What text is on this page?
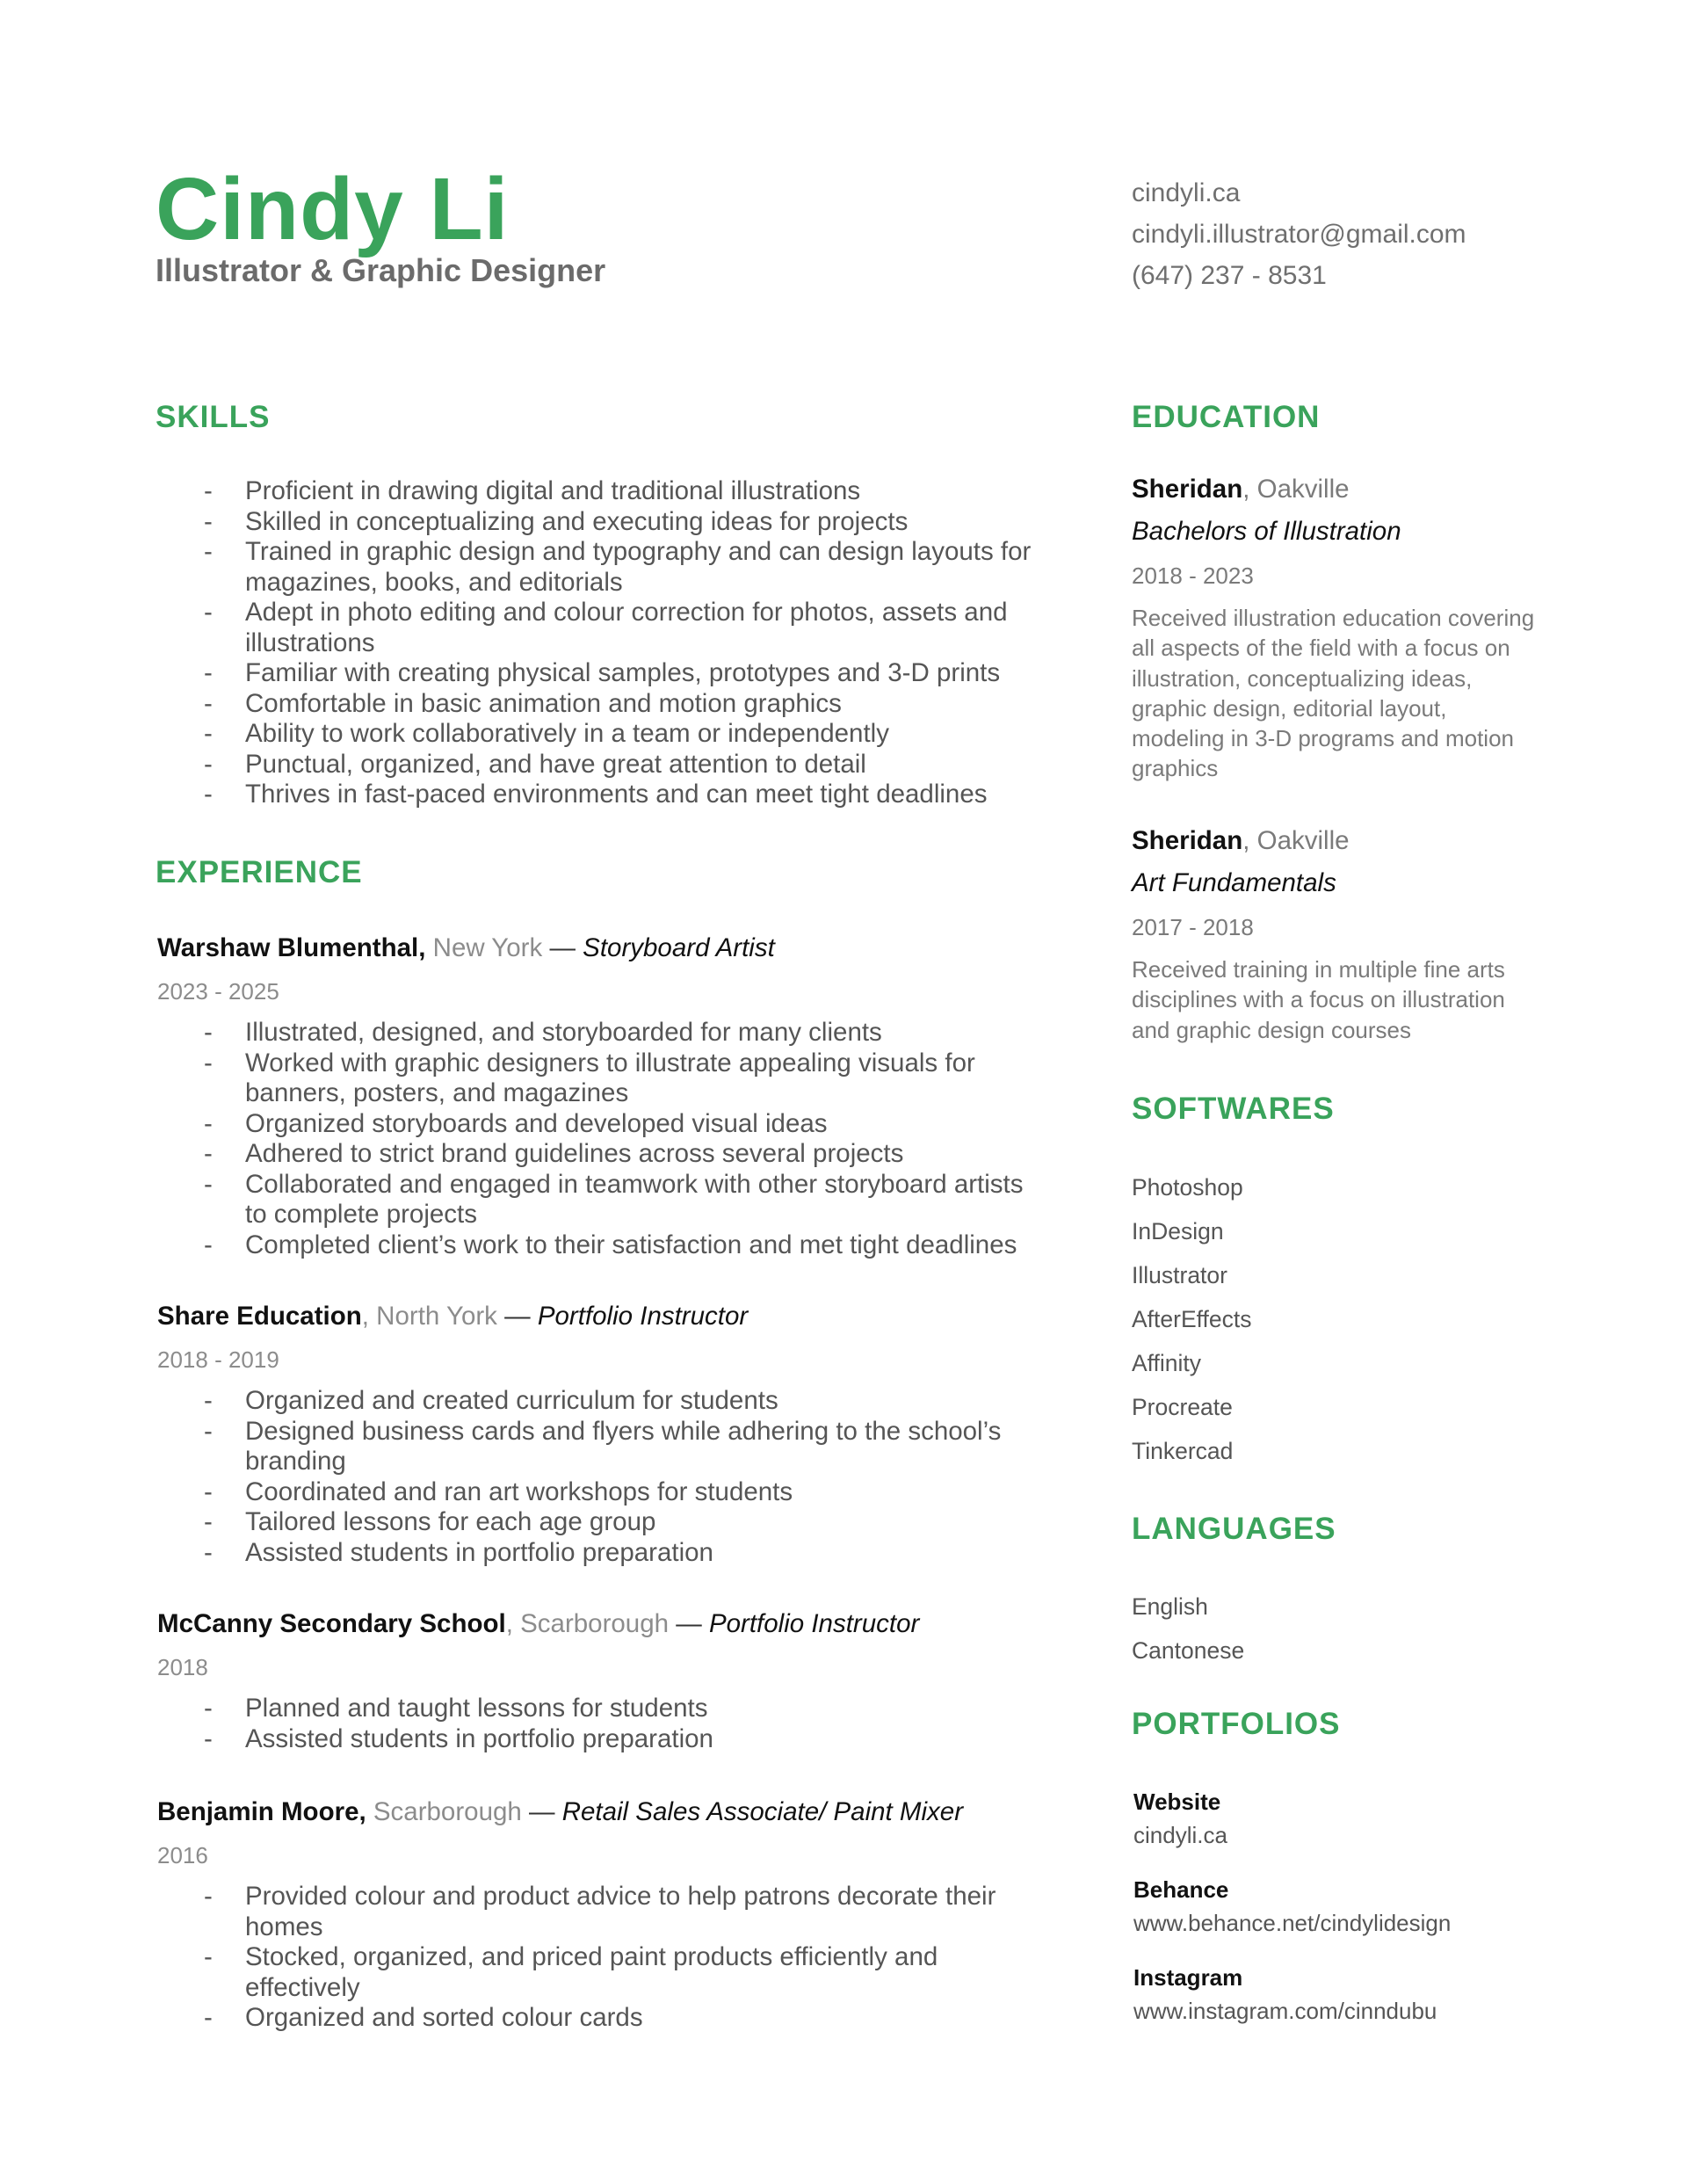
Cindy Li
Illustrator & Graphic Designer
SKILLS
- Proficient in drawing digital and traditional illustrations
- Skilled in conceptualizing and executing ideas for projects
- Trained in graphic design and typography and can design layouts for magazines, books, and editorials
- Adept in photo editing and colour correction for photos, assets and illustrations
- Familiar with creating physical samples, prototypes and 3-D prints
- Comfortable in basic animation and motion graphics
- Ability to work collaboratively in a team or independently
- Punctual, organized, and have great attention to detail
- Thrives in fast-paced environments and can meet tight deadlines
EXPERIENCE
Warshaw Blumenthal, New York — Storyboard Artist
2023 - 2025
- Illustrated, designed, and storyboarded for many clients
- Worked with graphic designers to illustrate appealing visuals for banners, posters, and magazines
- Organized storyboards and developed visual ideas
- Adhered to strict brand guidelines across several projects
- Collaborated and engaged in teamwork with other storyboard artists to complete projects
- Completed client’s work to their satisfaction and met tight deadlines
Share Education, North York — Portfolio Instructor
2018 - 2019
- Organized and created curriculum for students
- Designed business cards and flyers while adhering to the school’s branding
- Coordinated and ran art workshops for students
- Tailored lessons for each age group
- Assisted students in portfolio preparation
McCanny Secondary School, Scarborough — Portfolio Instructor
2018
- Planned and taught lessons for students
- Assisted students in portfolio preparation
Benjamin Moore, Scarborough — Retail Sales Associate/ Paint Mixer
2016
- Provided colour and product advice to help patrons decorate their homes
- Stocked, organized, and priced paint products efficiently and effectively
- Organized and sorted colour cards
cindyli.ca
cindyli.illustrator@gmail.com
(647) 237 - 8531
EDUCATION
Sheridan, Oakville
Bachelors of Illustration
2018 - 2023
Received illustration education covering all aspects of the field with a focus on illustration, conceptualizing ideas, graphic design, editorial layout, modeling in 3-D programs and motion graphics
Sheridan, Oakville
Art Fundamentals
2017 - 2018
Received training in multiple fine arts disciplines with a focus on illustration and graphic design courses
SOFTWARES
Photoshop
InDesign
Illustrator
AfterEffects
Affinity
Procreate
Tinkercad
LANGUAGES
English
Cantonese
PORTFOLIOS
Website
cindyli.ca
Behance
www.behance.net/cindylidesign
Instagram
www.instagram.com/cinndubu
